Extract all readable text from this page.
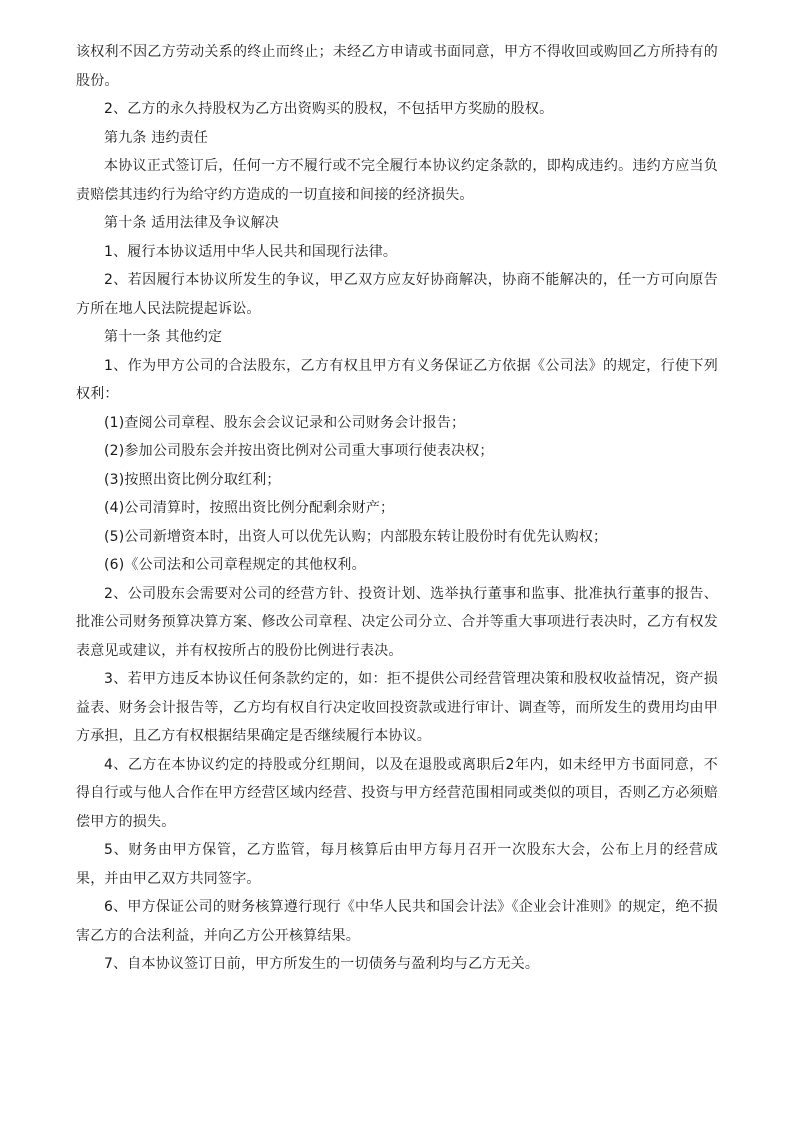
该权利不因乙方劳动关系的终止而终止；未经乙方申请或书面同意，甲方不得收回或购回乙方所持有的股份。

2、乙方的永久持股权为乙方出资购买的股权，不包括甲方奖励的股权。

第九条 违约责任

本协议正式签订后，任何一方不履行或不完全履行本协议约定条款的，即构成违约。违约方应当负责赔偿其违约行为给守约方造成的一切直接和间接的经济损失。

第十条 适用法律及争议解决

1、履行本协议适用中华人民共和国现行法律。

2、若因履行本协议所发生的争议，甲乙双方应友好协商解决，协商不能解决的，任一方可向原告方所在地人民法院提起诉讼。

第十一条 其他约定

1、作为甲方公司的合法股东，乙方有权且甲方有义务保证乙方依据《公司法》的规定，行使下列权利：

(1)查阅公司章程、股东会会议记录和公司财务会计报告；

(2)参加公司股东会并按出资比例对公司重大事项行使表决权；

(3)按照出资比例分取红利；

(4)公司清算时，按照出资比例分配剩余财产；

(5)公司新增资本时，出资人可以优先认购；内部股东转让股份时有优先认购权；

(6)《公司法和公司章程规定的其他权利。

2、公司股东会需要对公司的经营方针、投资计划、选举执行董事和监事、批准执行董事的报告、批准公司财务预算决算方案、修改公司章程、决定公司分立、合并等重大事项进行表决时，乙方有权发表意见或建议，并有权按所占的股份比例进行表决。

3、若甲方违反本协议任何条款约定的，如：拒不提供公司经营管理决策和股权收益情况，资产损益表、财务会计报告等，乙方均有权自行决定收回投资款或进行审计、调查等，而所发生的费用均由甲方承担，且乙方有权根据结果确定是否继续履行本协议。

4、乙方在本协议约定的持股或分红期间，以及在退股或离职后2年内，如未经甲方书面同意，不得自行或与他人合作在甲方经营区域内经营、投资与甲方经营范围相同或类似的项目，否则乙方必须赔偿甲方的损失。

5、财务由甲方保管，乙方监管，每月核算后由甲方每月召开一次股东大会，公布上月的经营成果，并由甲乙双方共同签字。

6、甲方保证公司的财务核算遵行现行《中华人民共和国会计法》《企业会计准则》的规定，绝不损害乙方的合法利益，并向乙方公开核算结果。

7、自本协议签订日前，甲方所发生的一切债务与盈利均与乙方无关。
